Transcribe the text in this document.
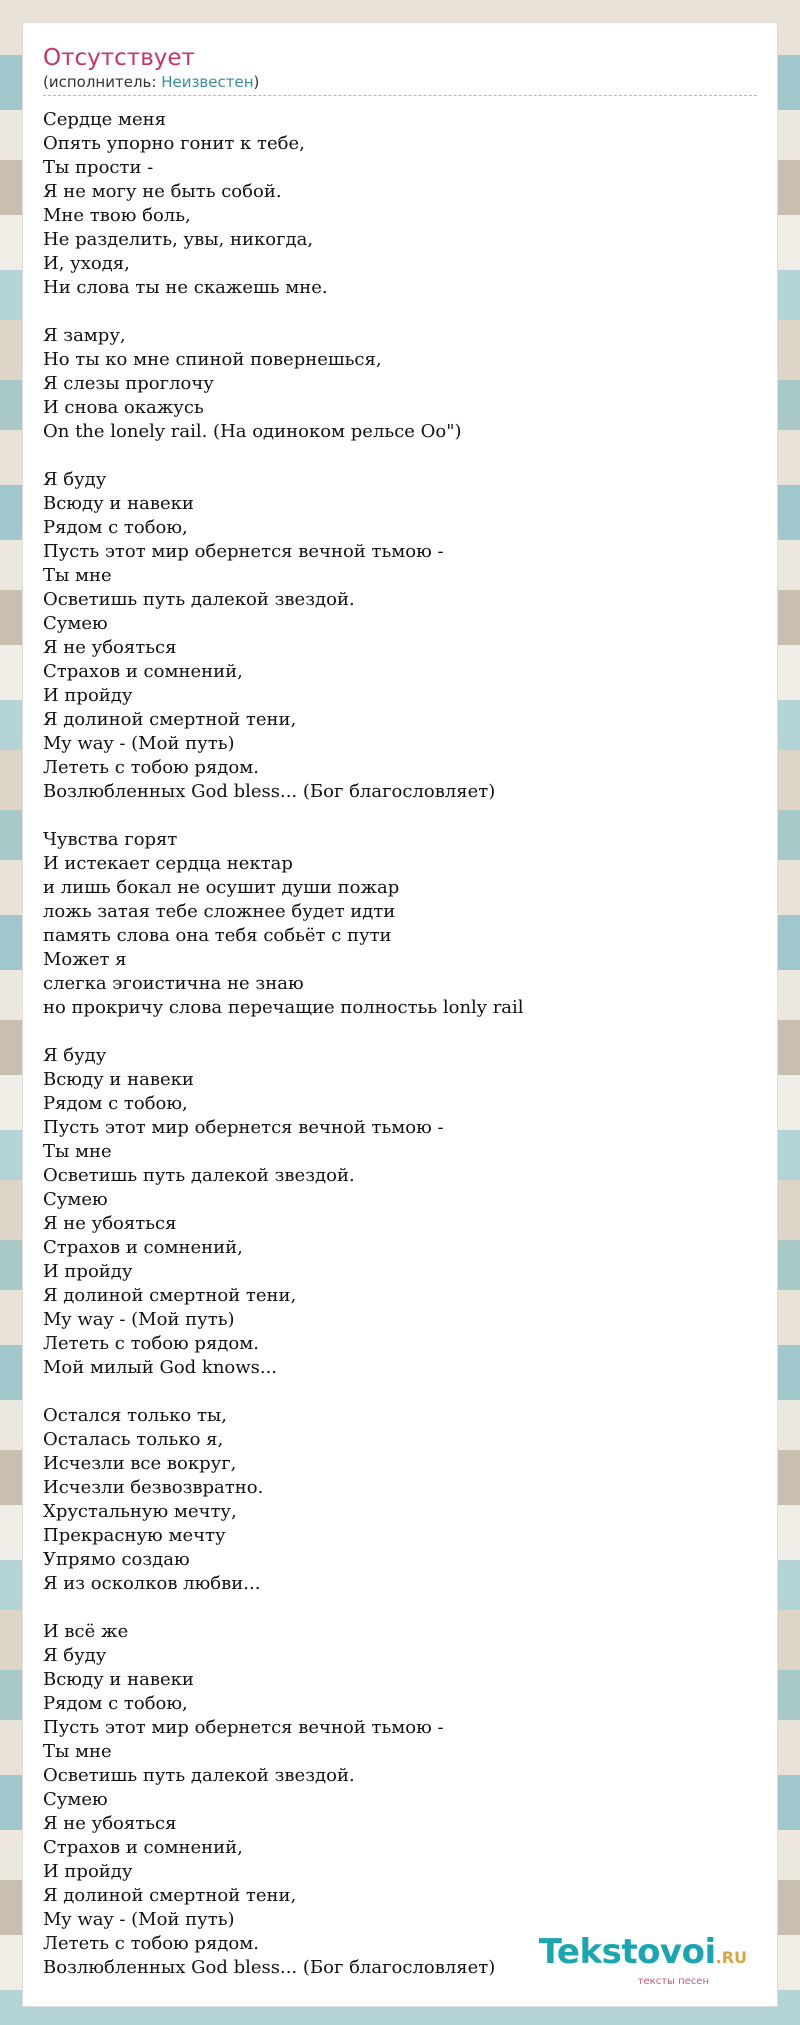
Отсутствует
(исполнитель: Неизвестен)
Сердце меня
Опять упорно гонит к тебе,
Ты прости -
Я не могу не быть собой.
Мне твою боль,
Не разделить, увы, никогда,
И, уходя,
Ни слова ты не скажешь мне.
Я замру,
Но ты ко мне спиной повернешься,
Я слезы проглочу
И снова окажусь
On the lonely rail. (На одиноком рельсе Оо")
Я буду
Всюду и навеки
Рядом с тобою,
Пусть этот мир обернется вечной тьмою -
Ты мне
Осветишь путь далекой звездой.
Сумею
Я не убояться
Страхов и сомнений,
И пройду
Я долиной смертной тени,
My way - (Мой путь)
Лететь с тобою рядом.
Возлюбленных God bless... (Бог благословляет)
Чувства горят
И истекает сердца нектар
и лишь бокал не осушит души пожар
ложь затая тебе сложнее будет идти
память слова она тебя собьёт с пути
Может я
слегка эгоистична не знаю
но прокричу слова перечащие полностьь lonly rail
Я буду
Всюду и навеки
Рядом с тобою,
Пусть этот мир обернется вечной тьмою -
Ты мне
Осветишь путь далекой звездой.
Сумею
Я не убояться
Страхов и сомнений,
И пройду
Я долиной смертной тени,
My way - (Мой путь)
Лететь с тобою рядом.
Мой милый God knows...
Остался только ты,
Осталась только я,
Исчезли все вокруг,
Исчезли безвозвратно.
Хрустальную мечту,
Прекрасную мечту
Упрямо создаю
Я из осколков любви...
И всё же
Я буду
Всюду и навеки
Рядом с тобою,
Пусть этот мир обернется вечной тьмою -
Ты мне
Осветишь путь далекой звездой.
Сумею
Я не убояться
Страхов и сомнений,
И пройду
Я долиной смертной тени,
My way - (Мой путь)
Лететь с тобою рядом.
Возлюбленных God bless... (Бог благословляет)	Tekstovoi.RU
тексты песен
